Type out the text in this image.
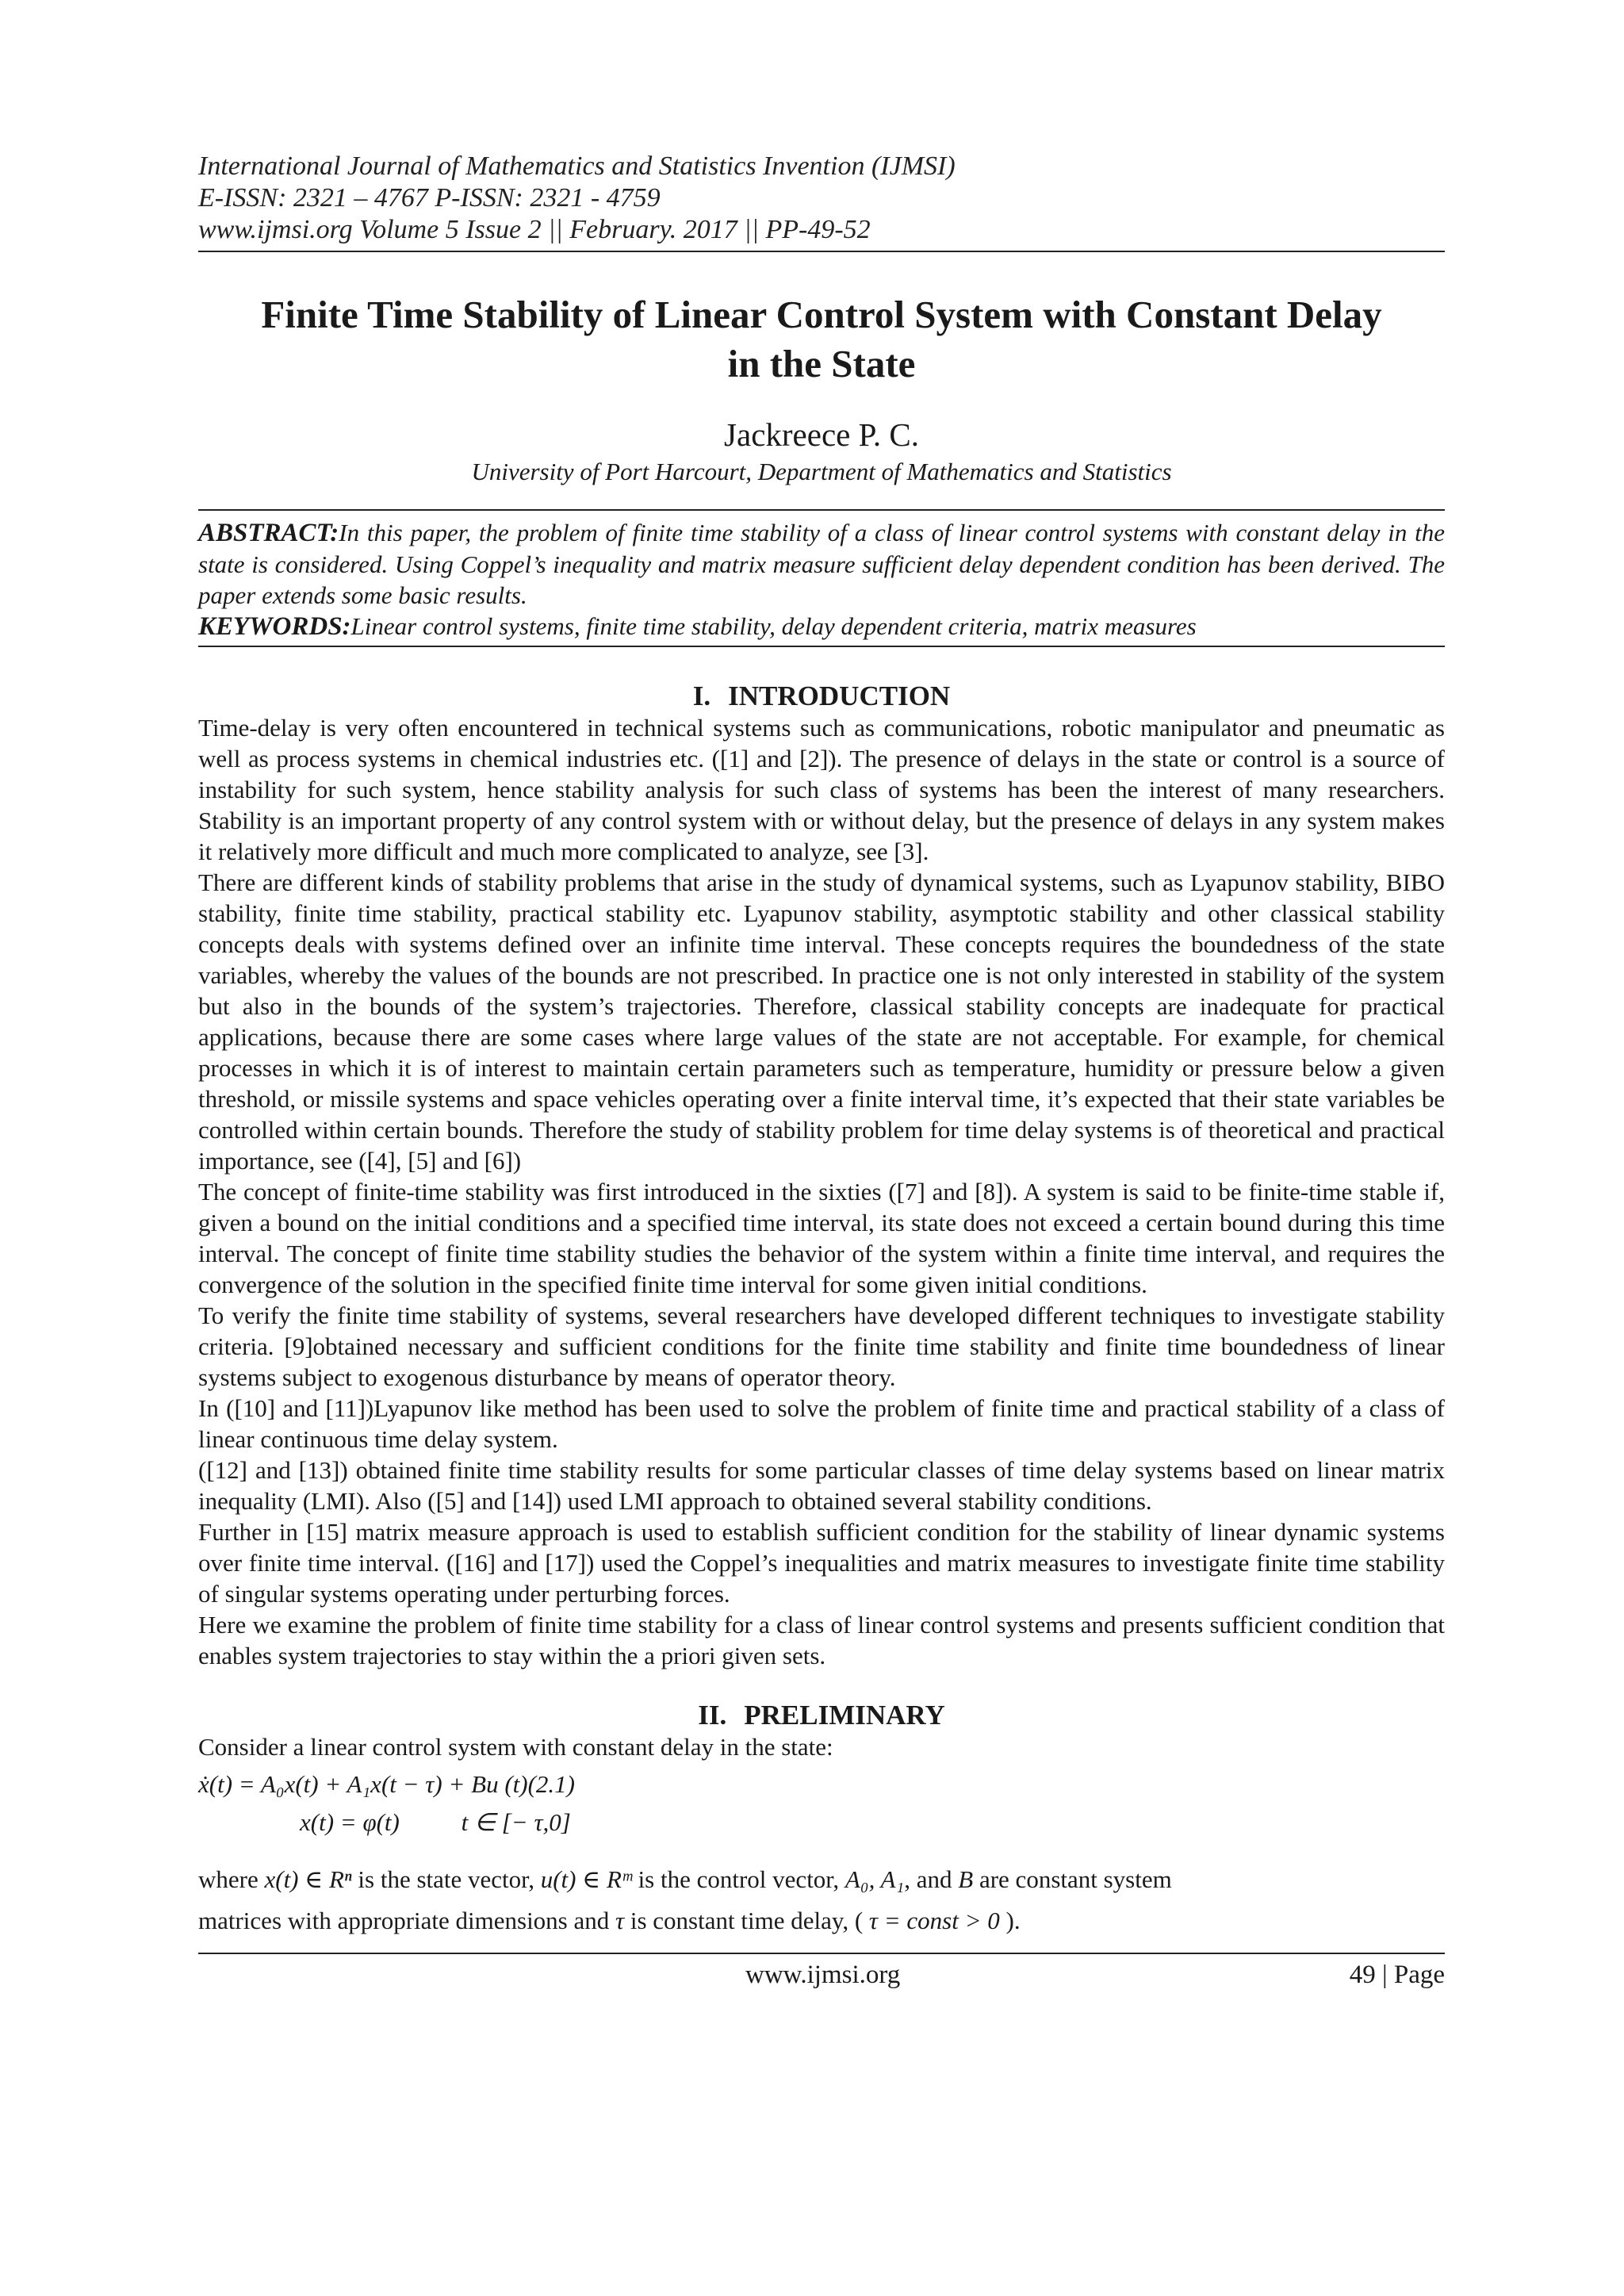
International Journal of Mathematics and Statistics Invention (IJMSI)
E-ISSN: 2321 – 4767 P-ISSN: 2321 - 4759
www.ijmsi.org Volume 5 Issue 2 || February. 2017 || PP-49-52
Finite Time Stability of Linear Control System with Constant Delay in the State
Jackreece P. C.
University of Port Harcourt, Department of Mathematics and Statistics
ABSTRACT:In this paper, the problem of finite time stability of a class of linear control systems with constant delay in the state is considered. Using Coppel’s inequality and matrix measure sufficient delay dependent condition has been derived. The paper extends some basic results.
KEYWORDS:Linear control systems, finite time stability, delay dependent criteria, matrix measures
I. INTRODUCTION

Time-delay is very often encountered in technical systems such as communications, robotic manipulator and pneumatic as well as process systems in chemical industries etc. ([1] and [2]). The presence of delays in the state or control is a source of instability for such system, hence stability analysis for such class of systems has been the interest of many researchers. Stability is an important property of any control system with or without delay, but the presence of delays in any system makes it relatively more difficult and much more complicated to analyze, see [3].

There are different kinds of stability problems that arise in the study of dynamical systems, such as Lyapunov stability, BIBO stability, finite time stability, practical stability etc. Lyapunov stability, asymptotic stability and other classical stability concepts deals with systems defined over an infinite time interval. These concepts requires the boundedness of the state variables, whereby the values of the bounds are not prescribed. In practice one is not only interested in stability of the system but also in the bounds of the system’s trajectories. Therefore, classical stability concepts are inadequate for practical applications, because there are some cases where large values of the state are not acceptable. For example, for chemical processes in which it is of interest to maintain certain parameters such as temperature, humidity or pressure below a given threshold, or missile systems and space vehicles operating over a finite interval time, it’s expected that their state variables be controlled within certain bounds. Therefore the study of stability problem for time delay systems is of theoretical and practical importance, see ([4], [5] and [6])

The concept of finite-time stability was first introduced in the sixties ([7] and [8]). A system is said to be finite-time stable if, given a bound on the initial conditions and a specified time interval, its state does not exceed a certain bound during this time interval. The concept of finite time stability studies the behavior of the system within a finite time interval, and requires the convergence of the solution in the specified finite time interval for some given initial conditions.

To verify the finite time stability of systems, several researchers have developed different techniques to investigate stability criteria. [9]obtained necessary and sufficient conditions for the finite time stability and finite time boundedness of linear systems subject to exogenous disturbance by means of operator theory.

In ([10] and [11])Lyapunov like method has been used to solve the problem of finite time and practical stability of a class of linear continuous time delay system.

([12] and [13]) obtained finite time stability results for some particular classes of time delay systems based on linear matrix inequality (LMI). Also ([5] and [14]) used LMI approach to obtained several stability conditions.

Further in [15] matrix measure approach is used to establish sufficient condition for the stability of linear dynamic systems over finite time interval. ([16] and [17]) used the Coppel’s inequalities and matrix measures to investigate finite time stability of singular systems operating under perturbing forces.

Here we examine the problem of finite time stability for a class of linear control systems and presents sufficient condition that enables system trajectories to stay within the a priori given sets.

II. PRELIMINARY

Consider a linear control system with constant delay in the state:

ẋ(t) = A₀x(t) + A₁x(t − τ) + Bu (t)(2.1)
x(t) = φ(t)	t ∈ [− τ,0]
where x(t) ∈ Rⁿ is the state vector, u(t) ∈ Rᵐ is the control vector, A₀, A₁, and B are constant system
matrices with appropriate dimensions and τ is constant time delay, ( τ = const > 0 ).
www.ijmsi.org	49 | Page
